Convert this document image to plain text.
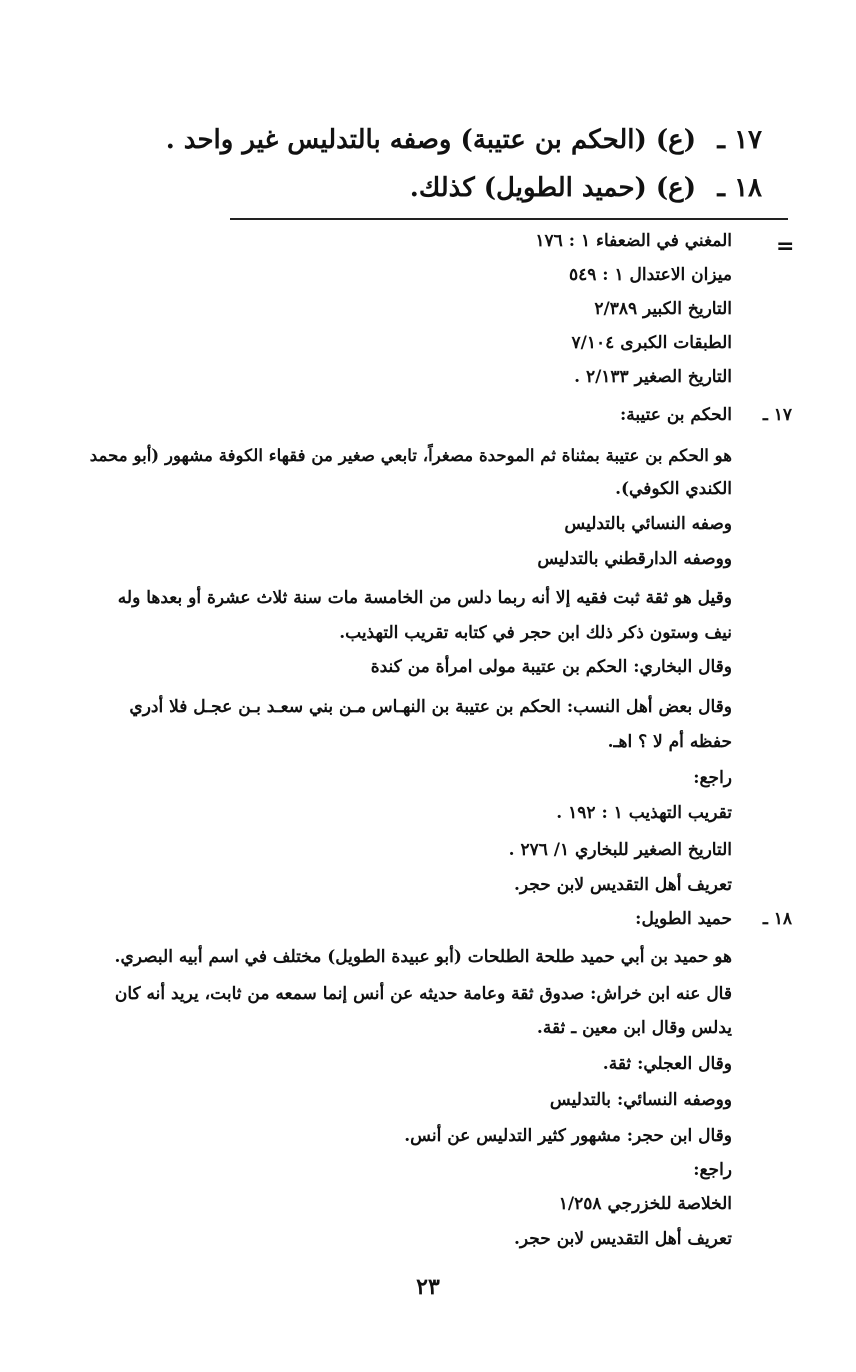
١٧ ـ
(ع) (الحكم بن عتيبة) وصفه بالتدليس غير واحد .
١٨ ـ
(ع) (حميد الطويل) كذلك.
=
المغني في الضعفاء ١ : ١٧٦
ميزان الاعتدال ١ : ٥٤٩
التاريخ الكبير ٢/٣٨٩
الطبقات الكبرى ٧/١٠٤
التاريخ الصغير ٢/١٣٣ .
١٧ ـ
الحكم بن عتيبة:
هو الحكم بن عتيبة بمثناة ثم الموحدة مصغراً، تابعي صغير من فقهاء الكوفة مشهور (أبو محمد
الكندي الكوفي).
وصفه النسائي بالتدليس
ووصفه الدارقطني بالتدليس
وقيل هو ثقة ثبت فقيه إلا أنه ربما دلس من الخامسة مات سنة ثلاث عشرة أو بعدها وله
نيف وستون ذكر ذلك ابن حجر في كتابه تقريب التهذيب.
وقال البخاري: الحكم بن عتيبة مولى امرأة من كندة
وقال بعض أهل النسب: الحكم بن عتيبة بن النهـاس مـن بني سعـد بـن عجـل فلا أدري
حفظه أم لا ؟ اهـ.
راجع:
تقريب التهذيب ١ : ١٩٢ .
التاريخ الصغير للبخاري ١/ ٢٧٦ .
تعريف أهل التقديس لابن حجر.
١٨ ـ
حميد الطويل:
هو حميد بن أبي حميد طلحة الطلحات (أبو عبيدة الطويل) مختلف في اسم أبيه البصري.
قال عنه ابن خراش: صدوق ثقة وعامة حديثه عن أنس إنما سمعه من ثابت، يريد أنه كان
يدلس وقال ابن معين ـ ثقة.
وقال العجلي: ثقة.
ووصفه النسائي: بالتدليس
وقال ابن حجر: مشهور كثير التدليس عن أنس.
راجع:
الخلاصة للخزرجي ١/٢٥٨
تعريف أهل التقديس لابن حجر.
٢٣
